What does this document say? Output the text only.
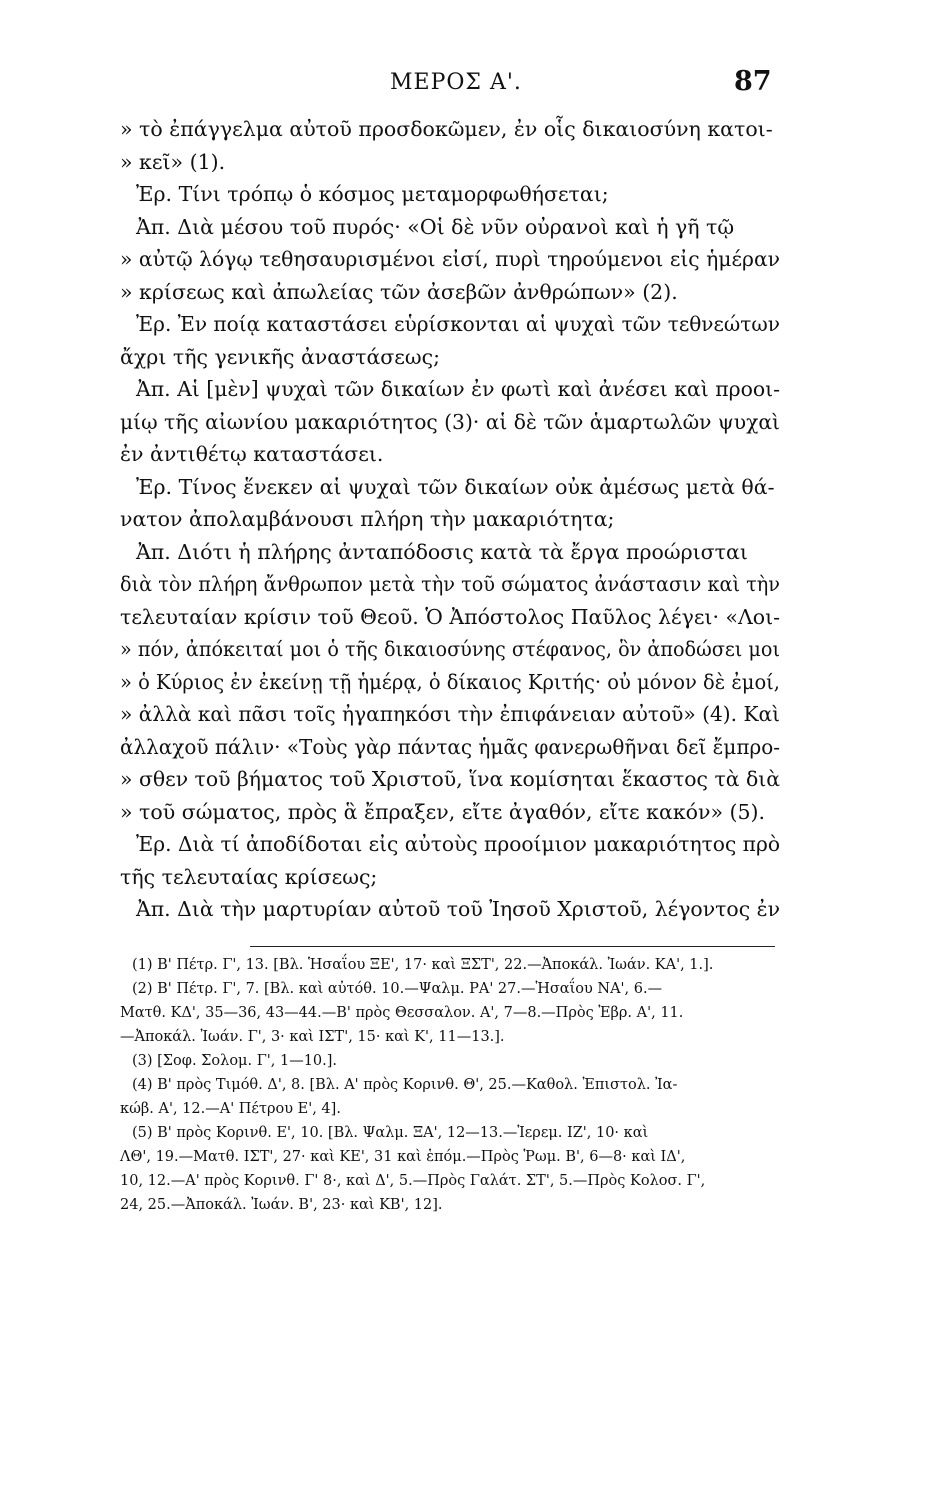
ΜΕΡΟΣ Α'.	87
» τὸ ἐπάγγελμα αὐτοῦ προσδοκῶμεν, ἐν οἷς δικαιοσύνη κατοι-
» κεῖ» (1).
Ἐρ. Τίνι τρόπῳ ὁ κόσμος μεταμορφωθήσεται;
Ἀπ. Διὰ μέσου τοῦ πυρός· «Οἱ δὲ νῦν οὐρανοὶ καὶ ἡ γῆ τῷ
» αὐτῷ λόγῳ τεθησαυρισμένοι εἰσί, πυρὶ τηρούμενοι εἰς ἡμέραν
» κρίσεως καὶ ἀπωλείας τῶν ἀσεβῶν ἀνθρώπων» (2).
Ἐρ. Ἐν ποίᾳ καταστάσει εὑρίσκονται αἱ ψυχαὶ τῶν τεθνεώτων
ἄχρι τῆς γενικῆς ἀναστάσεως;
Ἀπ. Αἱ [μὲν] ψυχαὶ τῶν δικαίων ἐν φωτὶ καὶ ἀνέσει καὶ προοι-
μίῳ τῆς αἰωνίου μακαριότητος (3)· αἱ δὲ τῶν ἁμαρτωλῶν ψυχαὶ
ἐν ἀντιθέτῳ καταστάσει.
Ἐρ. Τίνος ἕνεκεν αἱ ψυχαὶ τῶν δικαίων οὐκ ἀμέσως μετὰ θά-
νατον ἀπολαμβάνουσι πλήρη τὴν μακαριότητα;
Ἀπ. Διότι ἡ πλήρης ἀνταπόδοσις κατὰ τὰ ἔργα προώρισται
διὰ τὸν πλήρη ἄνθρωπον μετὰ τὴν τοῦ σώματος ἀνάστασιν καὶ τὴν
τελευταίαν κρίσιν τοῦ Θεοῦ. Ὁ Ἀπόστολος Παῦλος λέγει· «Λοι-
» πόν, ἀπόκειταί μοι ὁ τῆς δικαιοσύνης στέφανος, ὃν ἀποδώσει μοι
» ὁ Κύριος ἐν ἐκείνῃ τῇ ἡμέρᾳ, ὁ δίκαιος Κριτής· οὐ μόνον δὲ ἐμοί,
» ἀλλὰ καὶ πᾶσι τοῖς ἠγαπηκόσι τὴν ἐπιφάνειαν αὐτοῦ» (4). Καὶ
ἀλλαχοῦ πάλιν· «Τοὺς γὰρ πάντας ἡμᾶς φανερωθῆναι δεῖ ἔμπρο-
» σθεν τοῦ βήματος τοῦ Χριστοῦ, ἵνα κομίσηται ἕκαστος τὰ διὰ
» τοῦ σώματος, πρὸς ἃ ἔπραξεν, εἴτε ἀγαθόν, εἴτε κακόν» (5).
Ἐρ. Διὰ τί ἀποδίδοται εἰς αὐτοὺς προοίμιον μακαριότητος πρὸ
τῆς τελευταίας κρίσεως;
Ἀπ. Διὰ τὴν μαρτυρίαν αὐτοῦ τοῦ Ἰησοῦ Χριστοῦ, λέγοντος ἐν
(1) Β' Πέτρ. Γ', 13. [Βλ. Ἡσαΐου ΞΕ', 17· καὶ ΞΣΤ', 22.—Ἀποκάλ. Ἰωάν. ΚΑ', 1.].
(2) Β' Πέτρ. Γ', 7. [Βλ. καὶ αὐτόθ. 10.—Ψαλμ. ΡΑ' 27.—Ἡσαΐου ΝΑ', 6.—
Ματθ. ΚΔ', 35—36, 43—44.—Β' πρὸς Θεσσαλον. Α', 7—8.—Πρὸς Ἑβρ. Α', 11.
—Ἀποκάλ. Ἰωάν. Γ', 3· καὶ ΙΣΤ', 15· καὶ Κ', 11—13.].
(3) [Σοφ. Σολομ. Γ', 1—10.].
(4) Β' πρὸς Τιμόθ. Δ', 8. [Βλ. Α' πρὸς Κορινθ. Θ', 25.—Καθολ. Ἐπιστολ. Ἰα-
κώβ. Α', 12.—Α' Πέτρου Ε', 4].
(5) Β' πρὸς Κορινθ. Ε', 10. [Βλ. Ψαλμ. ΞΑ', 12—13.—Ἱερεμ. ΙΖ', 10· καὶ
ΛΘ', 19.—Ματθ. ΙΣΤ', 27· καὶ ΚΕ', 31 καὶ ἑπόμ.—Πρὸς Ῥωμ. Β', 6—8· καὶ ΙΔ',
10, 12.—Α' πρὸς Κορινθ. Γ' 8·, καὶ Δ', 5.—Πρὸς Γαλάτ. ΣΤ', 5.—Πρὸς Κολοσ. Γ',
24, 25.—Ἀποκάλ. Ἰωάν. Β', 23· καὶ ΚΒ', 12].
